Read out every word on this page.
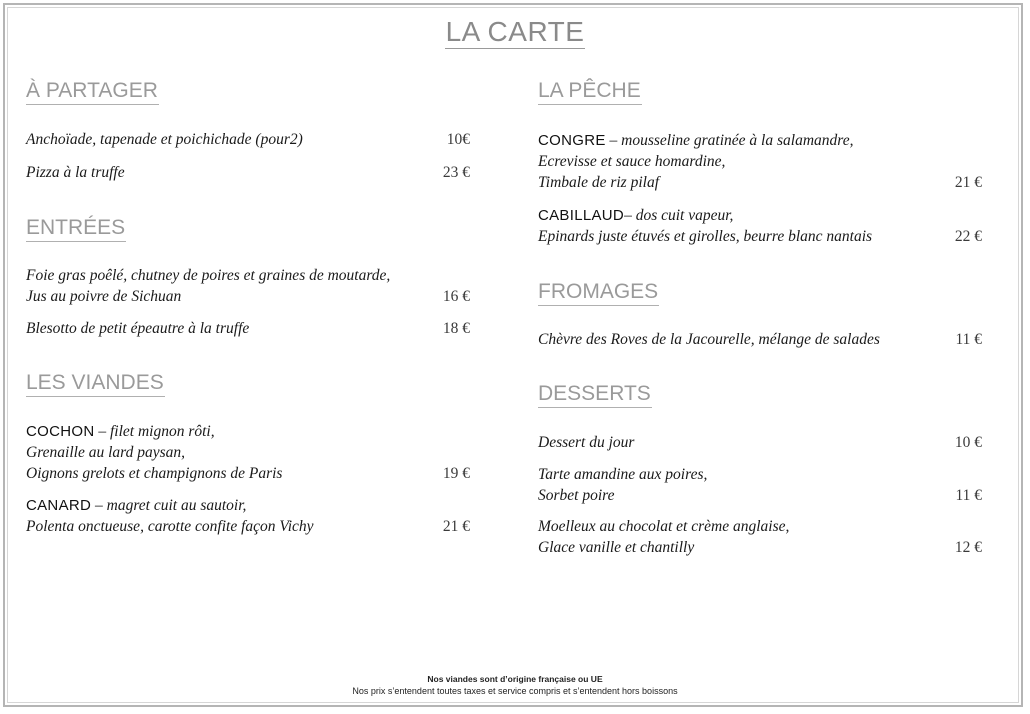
LA CARTE
À PARTAGER
Anchoïade, tapenade et poichichade (pour2)	10€
Pizza à la truffe	23 €
ENTRÉES
Foie gras poêlé, chutney de poires et graines de moutarde,
Jus au poivre de Sichuan	16 €
Blesotto de petit épeautre à la truffe	18 €
LES VIANDES
COCHON – filet mignon rôti,
Grenaille au lard paysan,
Oignons grelots et champignons de Paris	19 €
CANARD – magret cuit au sautoir,
Polenta onctueuse, carotte confite façon Vichy	21 €
LA PÊCHE
CONGRE – mousseline gratinée à la salamandre,
Ecrevisse et sauce homardine,
Timbale de riz pilaf	21 €
CABILLAUD– dos cuit vapeur,
Epinards juste étuvés et girolles, beurre blanc nantais	22 €
FROMAGES
Chèvre des Roves de la Jacourelle, mélange de salades	11 €
DESSERTS
Dessert du jour	10 €
Tarte amandine aux poires,
Sorbet poire	11 €
Moelleux au chocolat et crème anglaise,
Glace vanille et chantilly	12 €
Nos viandes sont d’origine française ou UE
Nos prix s’entendent toutes taxes et service compris et s’entendent hors boissons
